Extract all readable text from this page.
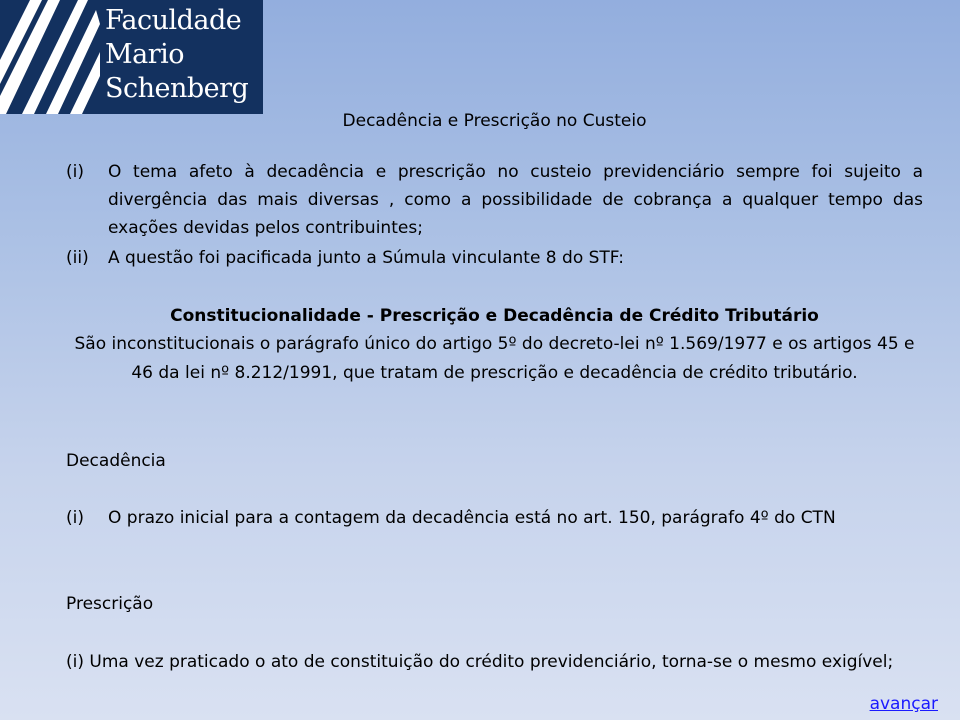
Faculdade
Mario
Schenberg
Decadência e Prescrição no Custeio
(i) O tema afeto à decadência e prescrição no custeio previdenciário sempre foi sujeito a divergência das mais diversas , como a possibilidade de cobrança a qualquer tempo das exações devidas pelos contribuintes;
(ii) A questão foi pacificada junto a Súmula vinculante 8 do STF:
Constitucionalidade - Prescrição e Decadência de Crédito Tributário
São inconstitucionais o parágrafo único do artigo 5º do decreto-lei nº 1.569/1977 e os artigos 45 e 46 da lei nº 8.212/1991, que tratam de prescrição e decadência de crédito tributário.
Decadência
(i) O prazo inicial para a contagem da decadência está no art. 150, parágrafo 4º do CTN
Prescrição
(i) Uma vez praticado o ato de constituição do crédito previdenciário, torna-se o mesmo exigível;
avançar
